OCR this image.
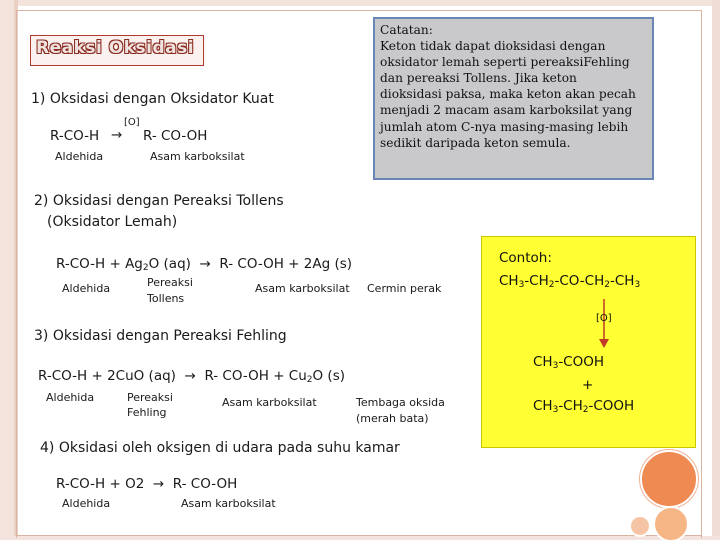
Reaksi Oksidasi
Catatan:
Keton tidak dapat dioksidasi dengan
oksidator lemah seperti pereaksiFehling
dan pereaksi Tollens. Jika keton
dioksidasi paksa, maka keton akan pecah
menjadi 2 macam asam karboksilat yang
jumlah atom C-nya masing-masing lebih
sedikit daripada keton semula.
1) Oksidasi dengan Oksidator Kuat
R-CO-H →
[O]
R- CO-OH
Aldehida	Asam karboksilat
2) Oksidasi dengan Pereaksi Tollens
(Oksidator Lemah)
$R-CO-H + Ag_2O$ (aq) → R- CO-OH + 2Ag (s)
Aldehida	Pereaksi
Tollens
Asam karboksilat Cermin perak
3) Oksidasi dengan Pereaksi Fehling
R-CO-H + 2CuO (aq) → R- $CO-OH + Cu_2O$ (s)
Aldehida	Pereaksi
Fehling
Asam karboksilat	Tembaga oksida
(merah bata)
4) Oksidasi oleh oksigen di udara pada suhu kamar
R-CO-H + O2 → R- CO-OH
Aldehida	Asam karboksilat
Contoh:
$CH_3-CH_2-CO-CH_2-CH_3$
[O]
$CH_3$-COOH
+
$CH_3-CH_2$-COOH
